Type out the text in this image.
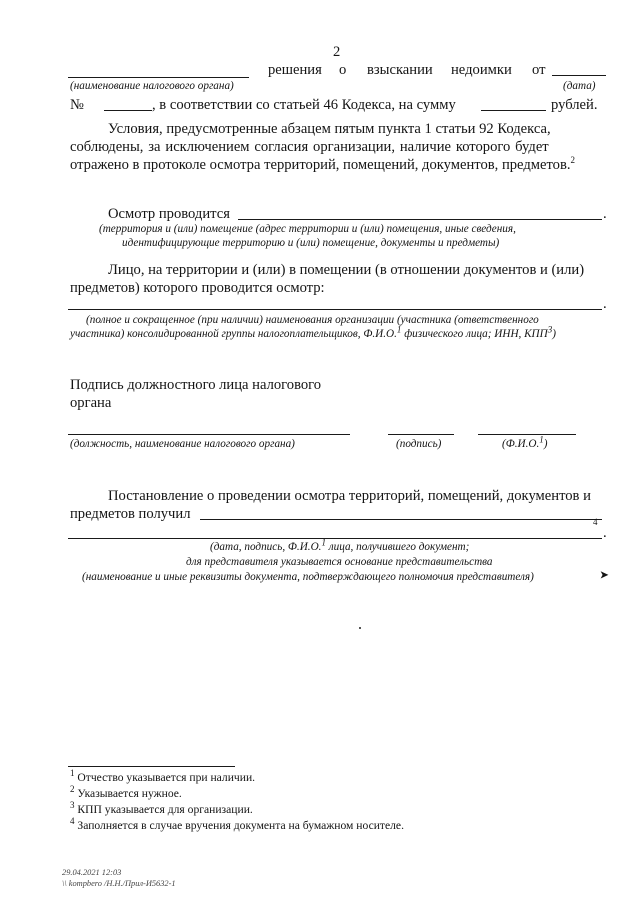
2
решения о взыскании недоимки от
(наименование налогового органа)	(дата)
№	, в соответствии со статьей 46 Кодекса, на сумму	рублей.
Условия, предусмотренные абзацем пятым пункта 1 статьи 92 Кодекса,
соблюдены, за исключением согласия организации, наличие которого будет
отражено в протоколе осмотра территорий, помещений, документов, предметов.$^2$
Осмотр проводится	.
(территория и (или) помещение (адрес территории и (или) помещения, иные сведения,
идентифицирующие территорию и (или) помещение, документы и предметы)
Лицо, на территории и (или) в помещении (в отношении документов и (или)
предметов) которого проводится осмотр:
.
(полное и сокращенное (при наличии) наименования организации (участника (ответственного
участника) консолидированной группы налогоплательщиков, Ф.И.О.$^1$ физического лица; ИНН, КПП$^3$)
Подпись должностного лица налогового
органа
(должность, наименование налогового органа)	(подпись)	(Ф.И.О.$^1$)
Постановление о проведении осмотра территорий, помещений, документов и
предметов получил	4
.
(дата, подпись, Ф.И.О.$^1$ лица, получившего документ;
для представителя указывается основание представительства
(наименование и иные реквизиты документа, подтверждающего полномочия представителя)	➤
$^1$ Отчество указывается при наличии.
$^2$ Указывается нужное.
$^3$ КПП указывается для организации.
$^4$ Заполняется в случае вручения документа на бумажном носителе.
29.04.2021 12:03
\\ kompbero /Н.Н./Прил-И5632-1
